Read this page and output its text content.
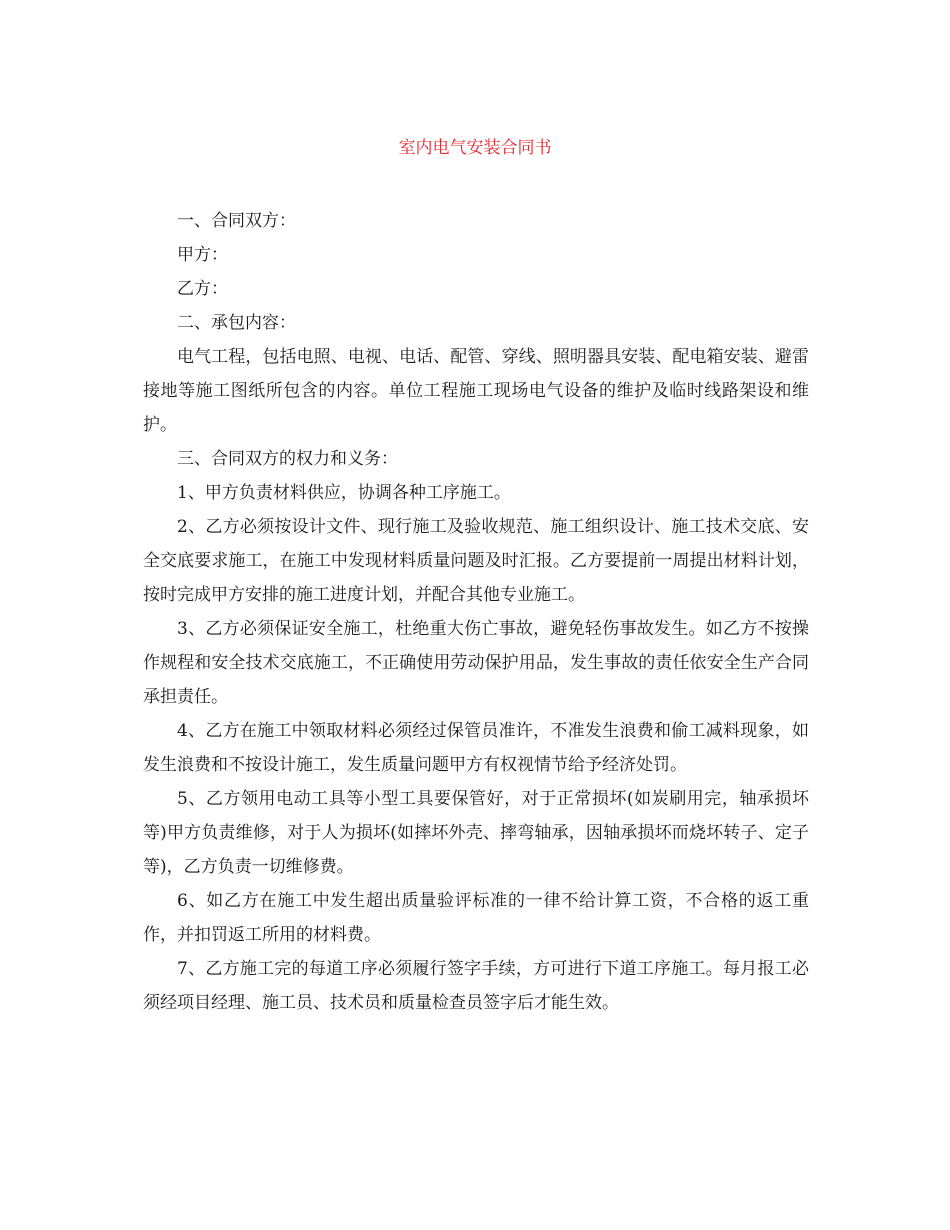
室内电气安装合同书

一、合同双方：

甲方：

乙方：

二、承包内容：

电气工程，包括电照、电视、电话、配管、穿线、照明器具安装、配电箱安装、避雷接地等施工图纸所包含的内容。单位工程施工现场电气设备的维护及临时线路架设和维护。

三、合同双方的权力和义务：

1、甲方负责材料供应，协调各种工序施工。

2、乙方必须按设计文件、现行施工及验收规范、施工组织设计、施工技术交底、安全交底要求施工，在施工中发现材料质量问题及时汇报。乙方要提前一周提出材料计划，按时完成甲方安排的施工进度计划，并配合其他专业施工。

3、乙方必须保证安全施工，杜绝重大伤亡事故，避免轻伤事故发生。如乙方不按操作规程和安全技术交底施工，不正确使用劳动保护用品，发生事故的责任依安全生产合同承担责任。

4、乙方在施工中领取材料必须经过保管员准许，不准发生浪费和偷工减料现象，如发生浪费和不按设计施工，发生质量问题甲方有权视情节给予经济处罚。

5、乙方领用电动工具等小型工具要保管好，对于正常损坏(如炭刷用完，轴承损坏等)甲方负责维修，对于人为损坏(如摔坏外壳、摔弯轴承，因轴承损坏而烧坏转子、定子等)，乙方负责一切维修费。

6、如乙方在施工中发生超出质量验评标准的一律不给计算工资，不合格的返工重作，并扣罚返工所用的材料费。

7、乙方施工完的每道工序必须履行签字手续，方可进行下道工序施工。每月报工必须经项目经理、施工员、技术员和质量检查员签字后才能生效。
